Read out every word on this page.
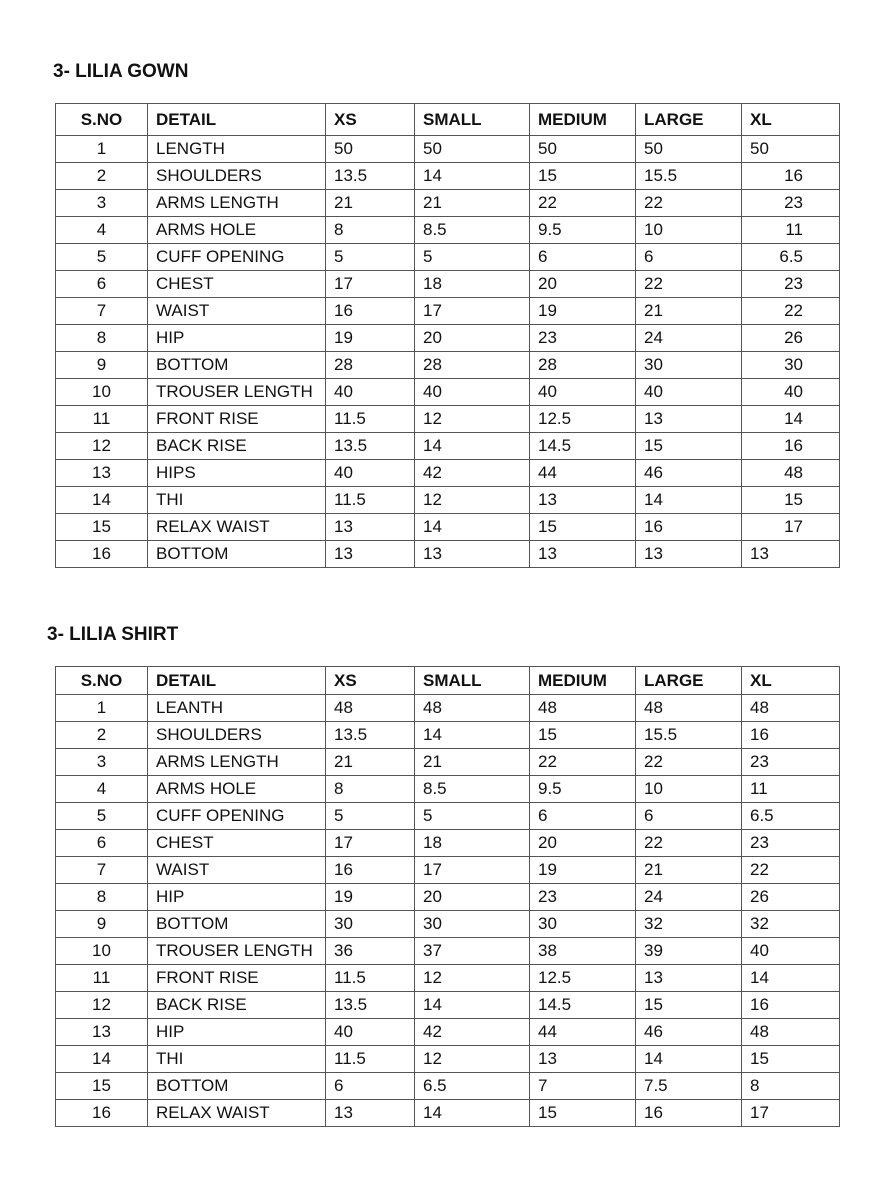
3- LILIA GOWN
S.NO	DETAIL	XS	SMALL	MEDIUM	LARGE	XL
1	LENGTH	50	50	50	50	50
2	SHOULDERS	13.5	14	15	15.5	16
3	ARMS LENGTH	21	21	22	22	23
4	ARMS HOLE	8	8.5	9.5	10	11
5	CUFF OPENING	5	5	6	6	6.5
6	CHEST	17	18	20	22	23
7	WAIST	16	17	19	21	22
8	HIP	19	20	23	24	26
9	BOTTOM	28	28	28	30	30
10	TROUSER LENGTH	40	40	40	40	40
11	FRONT RISE	11.5	12	12.5	13	14
12	BACK RISE	13.5	14	14.5	15	16
13	HIPS	40	42	44	46	48
14	THI	11.5	12	13	14	15
15	RELAX WAIST	13	14	15	16	17
16	BOTTOM	13	13	13	13	13
3- LILIA SHIRT
S.NO	DETAIL	XS	SMALL	MEDIUM	LARGE	XL
1	LEANTH	48	48	48	48	48
2	SHOULDERS	13.5	14	15	15.5	16
3	ARMS LENGTH	21	21	22	22	23
4	ARMS HOLE	8	8.5	9.5	10	11
5	CUFF OPENING	5	5	6	6	6.5
6	CHEST	17	18	20	22	23
7	WAIST	16	17	19	21	22
8	HIP	19	20	23	24	26
9	BOTTOM	30	30	30	32	32
10	TROUSER LENGTH	36	37	38	39	40
11	FRONT RISE	11.5	12	12.5	13	14
12	BACK RISE	13.5	14	14.5	15	16
13	HIP	40	42	44	46	48
14	THI	11.5	12	13	14	15
15	BOTTOM	6	6.5	7	7.5	8
16	RELAX WAIST	13	14	15	16	17
